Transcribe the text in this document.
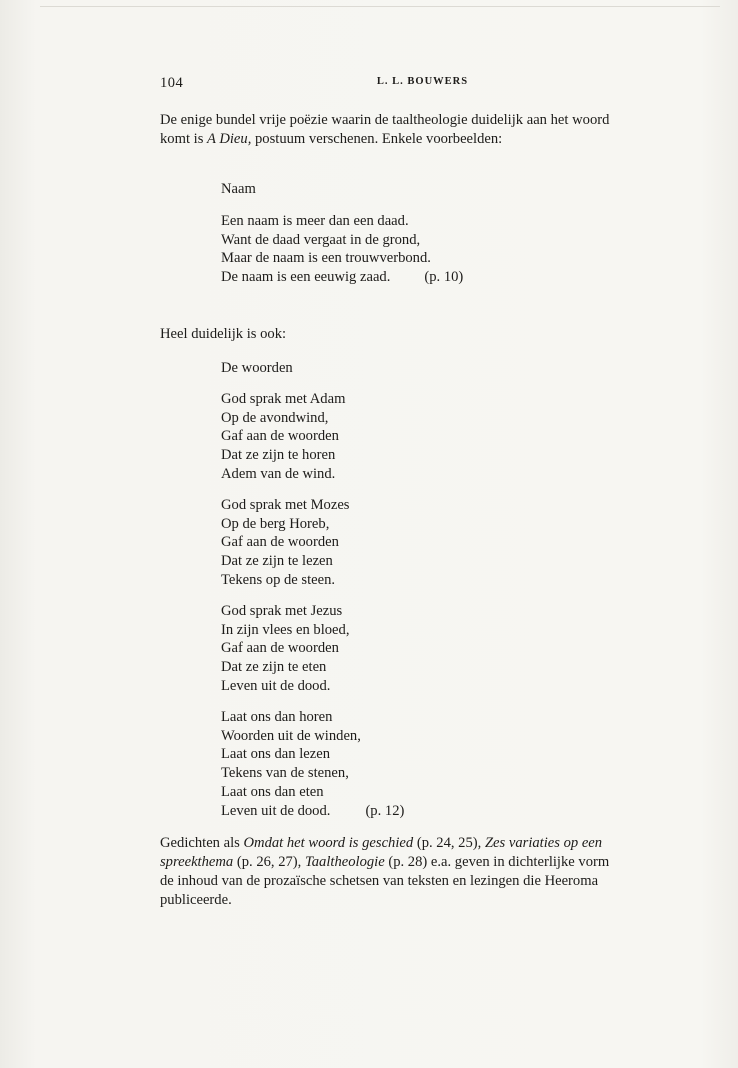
104	L. L. BOUWERS

De enige bundel vrije poëzie waarin de taaltheologie duidelijk aan het woord
komt is A Dieu, postuum verschenen. Enkele voorbeelden:

Naam

Een naam is meer dan een daad.
Want de daad vergaat in de grond,
Maar de naam is een trouwverbond.
De naam is een eeuwig zaad. (p. 10)

Heel duidelijk is ook:

De woorden

God sprak met Adam
Op de avondwind,
Gaf aan de woorden
Dat ze zijn te horen
Adem van de wind.

God sprak met Mozes
Op de berg Horeb,
Gaf aan de woorden
Dat ze zijn te lezen
Tekens op de steen.

God sprak met Jezus
In zijn vlees en bloed,
Gaf aan de woorden
Dat ze zijn te eten
Leven uit de dood.

Laat ons dan horen
Woorden uit de winden,
Laat ons dan lezen
Tekens van de stenen,
Laat ons dan eten
Leven uit de dood. (p. 12)

Gedichten als Omdat het woord is geschied (p. 24, 25), Zes variaties op een
spreekthema (p. 26, 27), Taaltheologie (p. 28) e.a. geven in dichterlijke vorm
de inhoud van de prozaïsche schetsen van teksten en lezingen die Heeroma
publiceerde.
